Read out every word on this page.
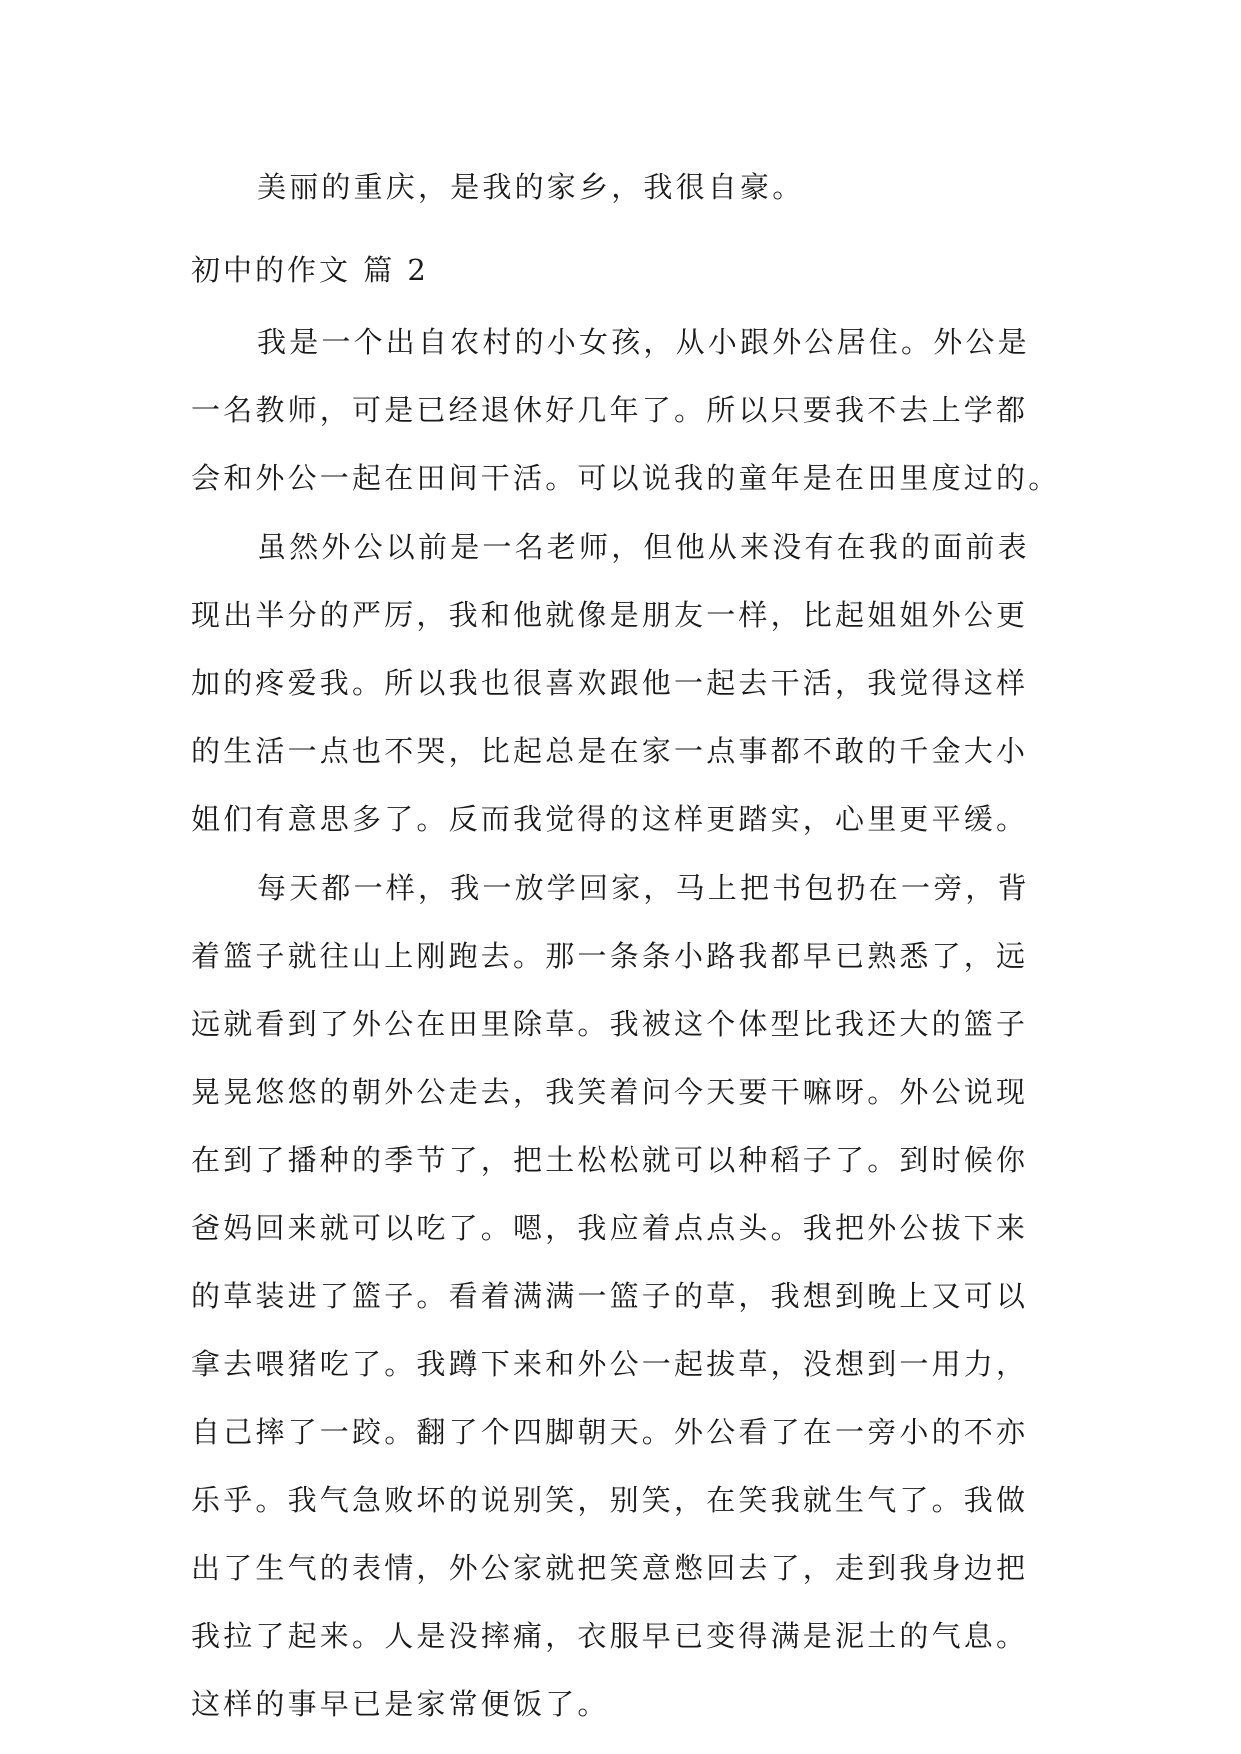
美丽的重庆，是我的家乡，我很自豪。

初中的作文 篇 2

我是一个出自农村的小女孩，从小跟外公居住。外公是

一名教师，可是已经退休好几年了。所以只要我不去上学都

会和外公一起在田间干活。可以说我的童年是在田里度过的。

虽然外公以前是一名老师，但他从来没有在我的面前表

现出半分的严厉，我和他就像是朋友一样，比起姐姐外公更

加的疼爱我。所以我也很喜欢跟他一起去干活，我觉得这样

的生活一点也不哭，比起总是在家一点事都不敢的千金大小

姐们有意思多了。反而我觉得的这样更踏实，心里更平缓。

每天都一样，我一放学回家，马上把书包扔在一旁，背

着篮子就往山上刚跑去。那一条条小路我都早已熟悉了，远

远就看到了外公在田里除草。我被这个体型比我还大的篮子

晃晃悠悠的朝外公走去，我笑着问今天要干嘛呀。外公说现

在到了播种的季节了，把土松松就可以种稻子了。到时候你

爸妈回来就可以吃了。嗯，我应着点点头。我把外公拔下来

的草装进了篮子。看着满满一篮子的草，我想到晚上又可以

拿去喂猪吃了。我蹲下来和外公一起拔草，没想到一用力，

自己摔了一跤。翻了个四脚朝天。外公看了在一旁小的不亦

乐乎。我气急败坏的说别笑，别笑，在笑我就生气了。我做

出了生气的表情，外公家就把笑意憋回去了，走到我身边把

我拉了起来。人是没摔痛，衣服早已变得满是泥土的气息。

这样的事早已是家常便饭了。
